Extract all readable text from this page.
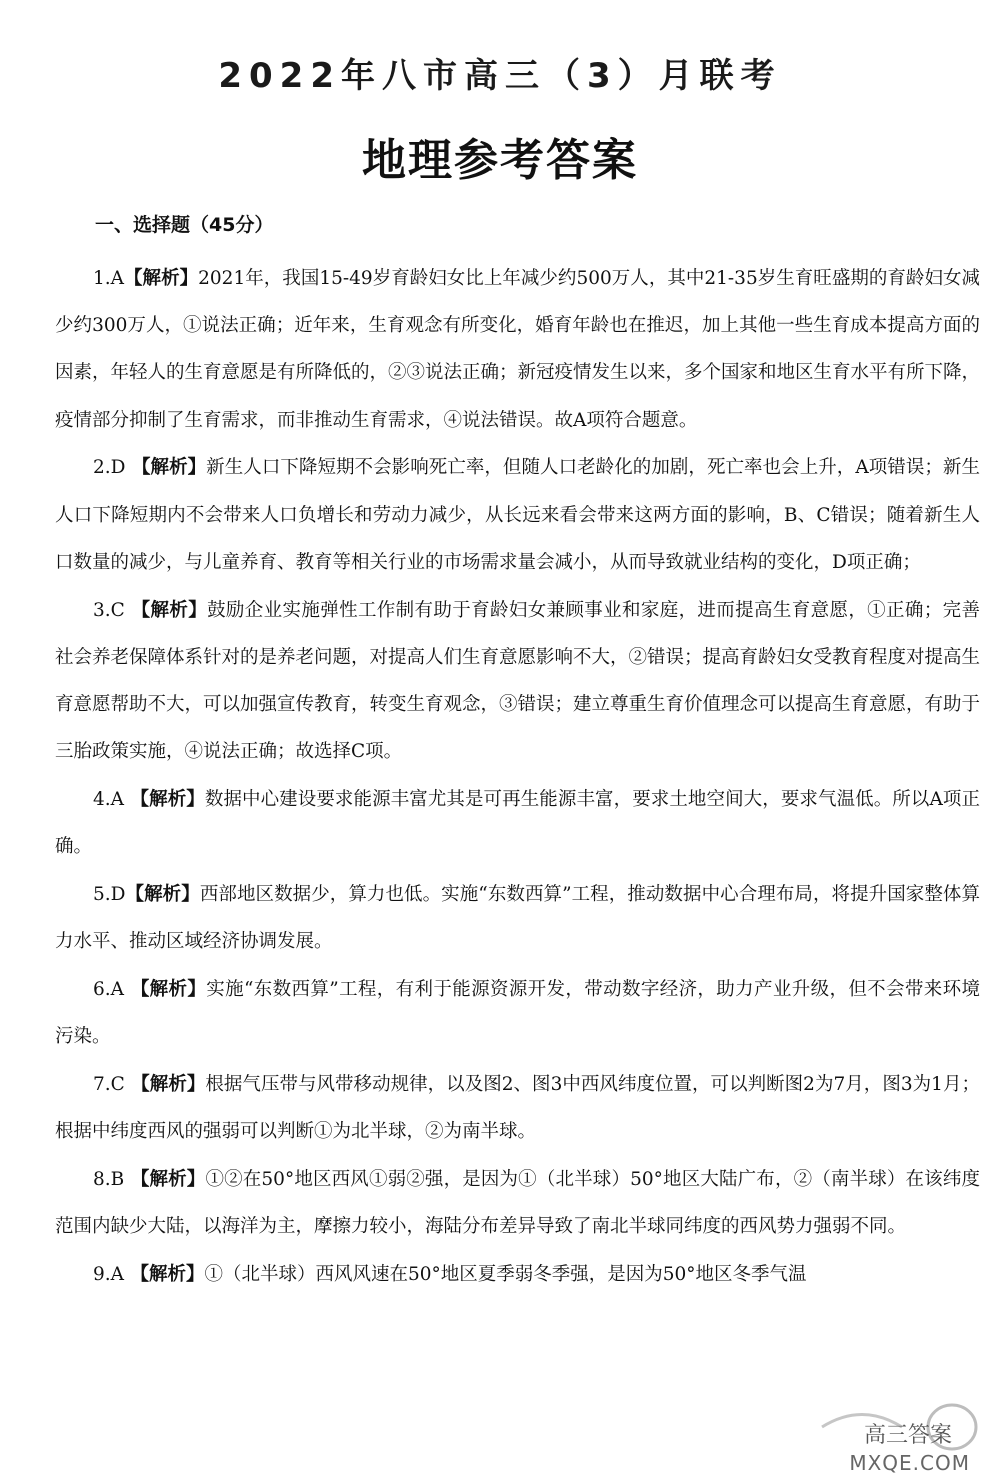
2022年八市高三（3）月联考
地理参考答案
一、选择题（45分）

1.A【解析】2021年，我国15-49岁育龄妇女比上年减少约500万人，其中21-35岁生育旺盛期的育龄妇女减少约300万人，①说法正确；近年来，生育观念有所变化，婚育年龄也在推迟，加上其他一些生育成本提高方面的因素，年轻人的生育意愿是有所降低的，②③说法正确；新冠疫情发生以来，多个国家和地区生育水平有所下降，疫情部分抑制了生育需求，而非推动生育需求，④说法错误。故A项符合题意。

2.D 【解析】新生人口下降短期不会影响死亡率，但随人口老龄化的加剧，死亡率也会上升，A项错误；新生人口下降短期内不会带来人口负增长和劳动力减少，从长远来看会带来这两方面的影响，B、C错误；随着新生人口数量的减少，与儿童养育、教育等相关行业的市场需求量会减小，从而导致就业结构的变化，D项正确；

3.C 【解析】鼓励企业实施弹性工作制有助于育龄妇女兼顾事业和家庭，进而提高生育意愿，①正确；完善社会养老保障体系针对的是养老问题，对提高人们生育意愿影响不大，②错误；提高育龄妇女受教育程度对提高生育意愿帮助不大，可以加强宣传教育，转变生育观念，③错误；建立尊重生育价值理念可以提高生育意愿，有助于三胎政策实施，④说法正确；故选择C项。

4.A 【解析】数据中心建设要求能源丰富尤其是可再生能源丰富，要求土地空间大，要求气温低。所以A项正确。

5.D【解析】西部地区数据少，算力也低。实施“东数西算”工程，推动数据中心合理布局，将提升国家整体算力水平、推动区域经济协调发展。

6.A 【解析】实施“东数西算”工程，有利于能源资源开发，带动数字经济，助力产业升级，但不会带来环境污染。

7.C 【解析】根据气压带与风带移动规律，以及图2、图3中西风纬度位置，可以判断图2为7月，图3为1月；根据中纬度西风的强弱可以判断①为北半球，②为南半球。

8.B 【解析】①②在50°地区西风①弱②强，是因为①（北半球）50°地区大陆广布，②（南半球）在该纬度范围内缺少大陆，以海洋为主，摩擦力较小，海陆分布差异导致了南北半球同纬度的西风势力强弱不同。

9.A 【解析】①（北半球）西风风速在50°地区夏季弱冬季强，是因为50°地区冬季气温

高三答案
MXQE.COM
